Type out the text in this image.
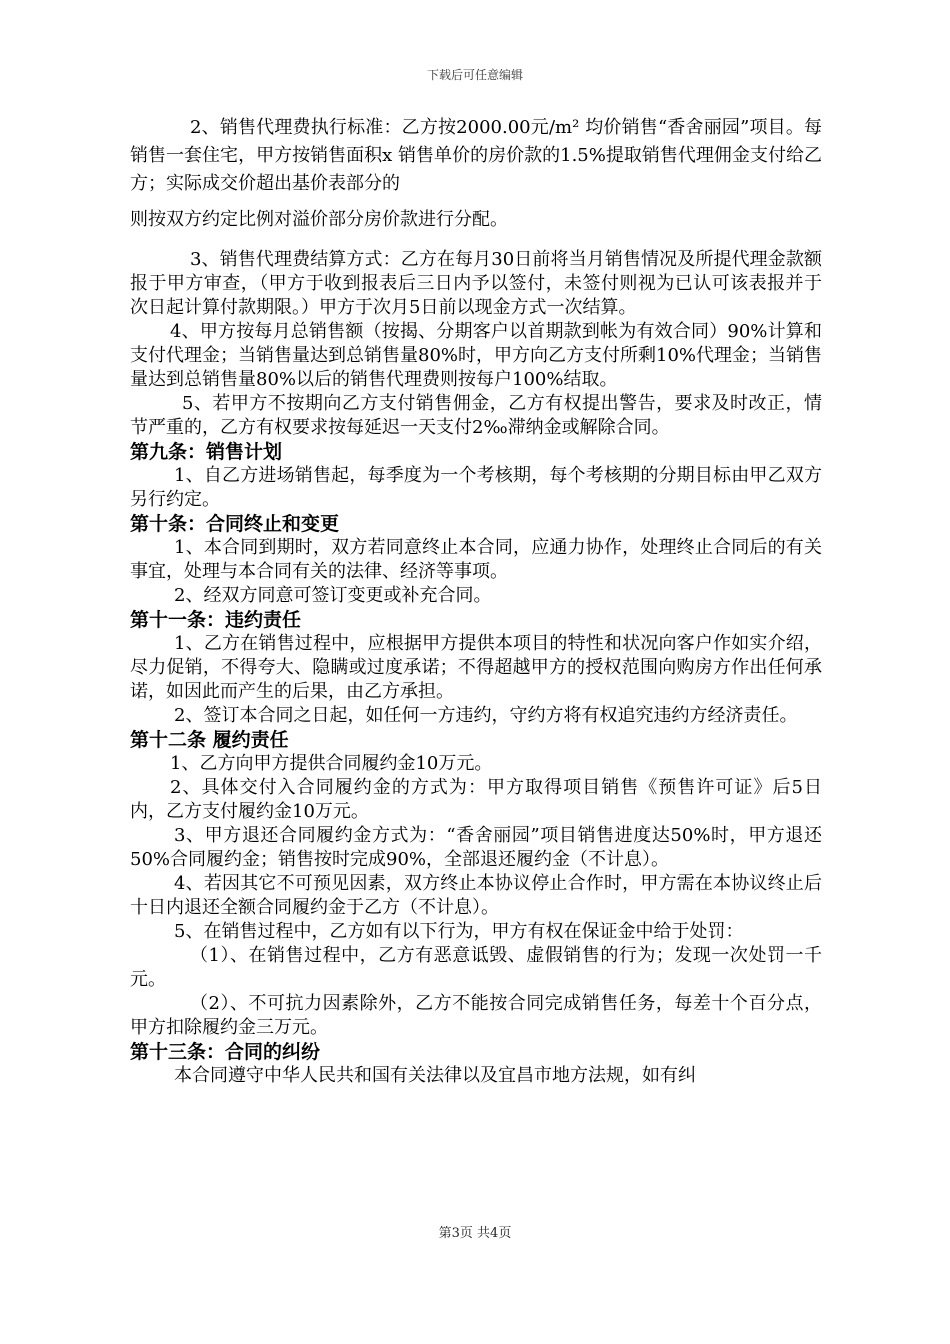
下载后可任意编辑
2、销售代理费执行标准：乙方按2000.00元/m² 均价销售“香舍丽园”项目。每销售一套住宅，甲方按销售面积x 销售单价的房价款的1.5%提取销售代理佣金支付给乙方；实际成交价超出基价表部分的
则按双方约定比例对溢价部分房价款进行分配。
3、销售代理费结算方式：乙方在每月30日前将当月销售情况及所提代理金款额报于甲方审查，（甲方于收到报表后三日内予以签付，未签付则视为已认可该表报并于次日起计算付款期限。）甲方于次月5日前以现金方式一次结算。
4、甲方按每月总销售额（按揭、分期客户以首期款到帐为有效合同）90%计算和支付代理金；当销售量达到总销售量80%时，甲方向乙方支付所剩10%代理金；当销售量达到总销售量80%以后的销售代理费则按每户100%结取。
5、若甲方不按期向乙方支付销售佣金，乙方有权提出警告，要求及时改正，情节严重的，乙方有权要求按每延迟一天支付2‰滞纳金或解除合同。
第九条：销售计划
1、自乙方进场销售起，每季度为一个考核期，每个考核期的分期目标由甲乙双方另行约定。
第十条：合同终止和变更
1、本合同到期时，双方若同意终止本合同，应通力协作，处理终止合同后的有关事宜，处理与本合同有关的法律、经济等事项。
2、经双方同意可签订变更或补充合同。
第十一条：违约责任
1、乙方在销售过程中，应根据甲方提供本项目的特性和状况向客户作如实介绍，尽力促销，不得夸大、隐瞒或过度承诺；不得超越甲方的授权范围向购房方作出任何承诺，如因此而产生的后果，由乙方承担。
2、签订本合同之日起，如任何一方违约，守约方将有权追究违约方经济责任。
第十二条 履约责任
1、乙方向甲方提供合同履约金10万元。
2、具体交付入合同履约金的方式为：甲方取得项目销售《预售许可证》后5日内，乙方支付履约金10万元。
3、甲方退还合同履约金方式为：“香舍丽园”项目销售进度达50%时，甲方退还50%合同履约金；销售按时完成90%，全部退还履约金（不计息）。
4、若因其它不可预见因素，双方终止本协议停止合作时，甲方需在本协议终止后十日内退还全额合同履约金于乙方（不计息）。
5、在销售过程中，乙方如有以下行为，甲方有权在保证金中给于处罚：
（1）、在销售过程中，乙方有恶意诋毁、虚假销售的行为；发现一次处罚一千元。
（2）、不可抗力因素除外，乙方不能按合同完成销售任务，每差十个百分点，甲方扣除履约金三万元。
第十三条：合同的纠纷
本合同遵守中华人民共和国有关法律以及宜昌市地方法规，如有纠
第3页 共4页
